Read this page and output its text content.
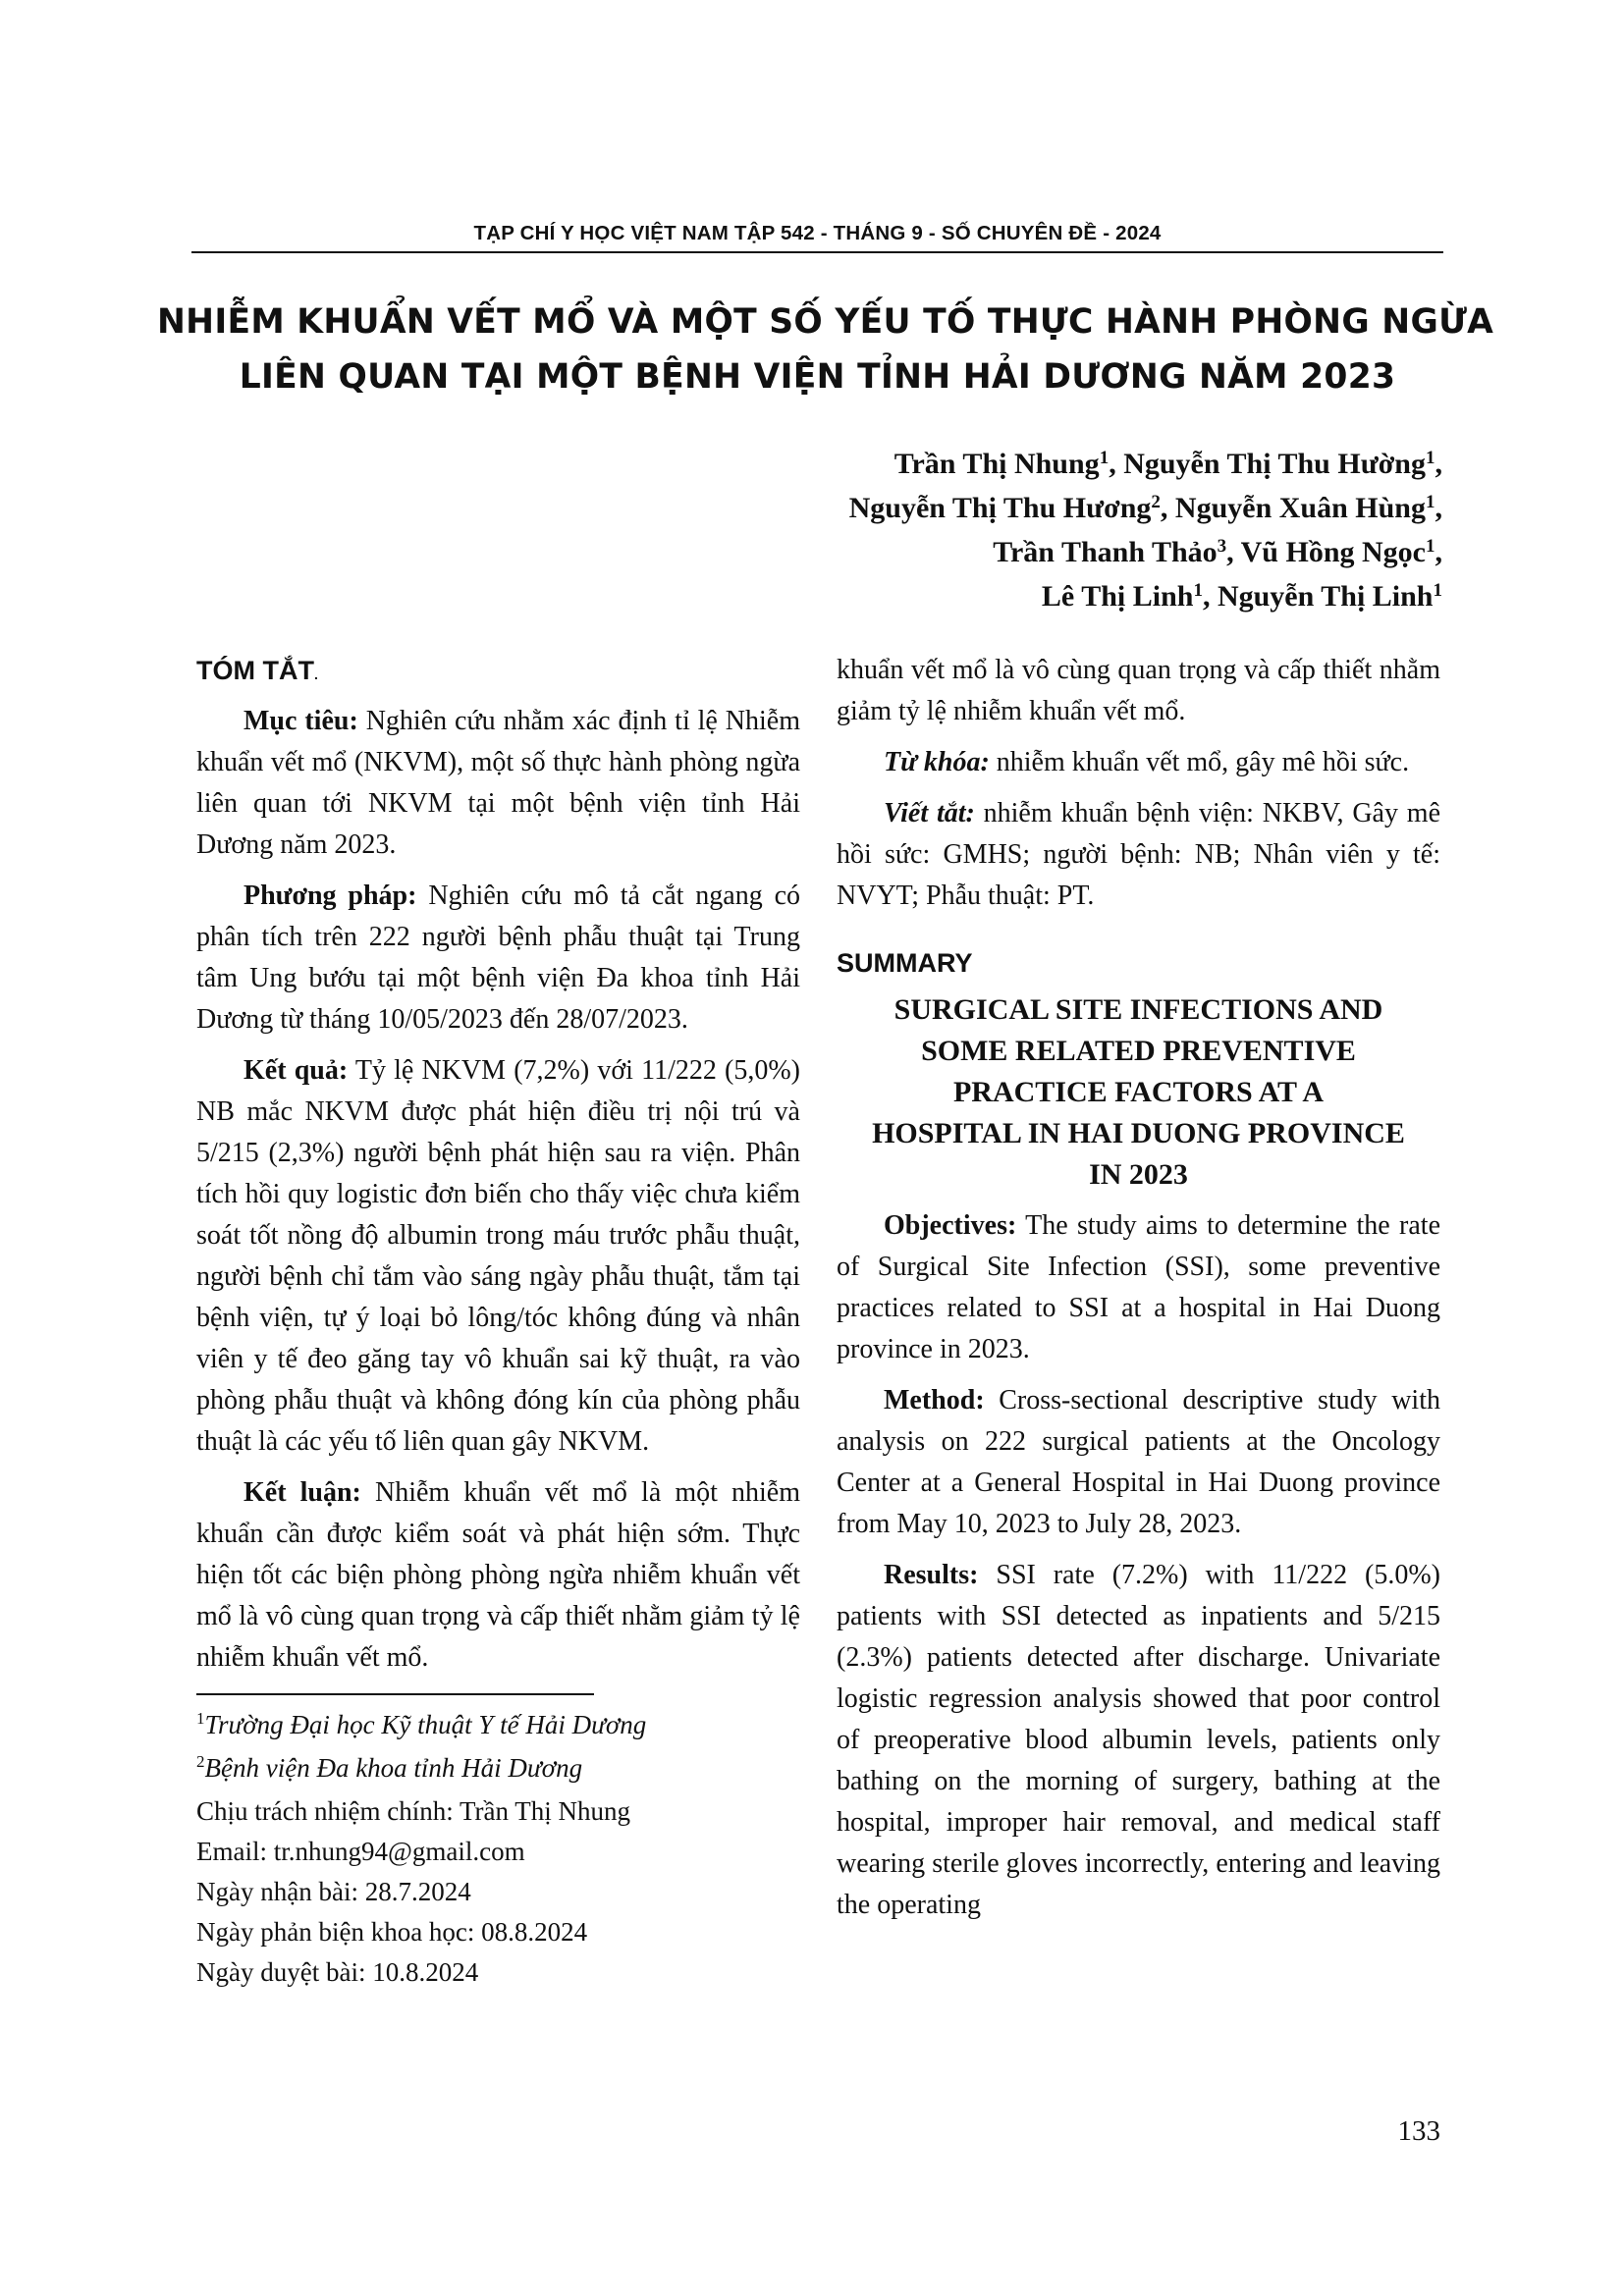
TẠP CHÍ Y HỌC VIỆT NAM TẬP 542 - THÁNG 9 - SỐ CHUYÊN ĐỀ - 2024
NHIỄM KHUẨN VẾT MỔ VÀ MỘT SỐ YẾU TỐ THỰC HÀNH PHÒNG NGỪA
LIÊN QUAN TẠI MỘT BỆNH VIỆN TỈNH HẢI DƯƠNG NĂM 2023
Trần Thị Nhung$^1$, Nguyễn Thị Thu Hường$^1$,
Nguyễn Thị Thu Hương$^2$, Nguyễn Xuân Hùng$^1$,
Trần Thanh Thảo$^3$, Vũ Hồng Ngọc$^1$,
Lê Thị Linh$^1$, Nguyễn Thị Linh$^1$
TÓM TẮT.

Mục tiêu: Nghiên cứu nhằm xác định tỉ lệ Nhiễm khuẩn vết mổ (NKVM), một số thực hành phòng ngừa liên quan tới NKVM tại một bệnh viện tỉnh Hải Dương năm 2023.

Phương pháp: Nghiên cứu mô tả cắt ngang có phân tích trên 222 người bệnh phẫu thuật tại Trung tâm Ung bướu tại một bệnh viện Đa khoa tỉnh Hải Dương từ tháng 10/05/2023 đến 28/07/2023.

Kết quả: Tỷ lệ NKVM (7,2%) với 11/222 (5,0%) NB mắc NKVM được phát hiện điều trị nội trú và 5/215 (2,3%) người bệnh phát hiện sau ra viện. Phân tích hồi quy logistic đơn biến cho thấy việc chưa kiểm soát tốt nồng độ albumin trong máu trước phẫu thuật, người bệnh chỉ tắm vào sáng ngày phẫu thuật, tắm tại bệnh viện, tự ý loại bỏ lông/tóc không đúng và nhân viên y tế đeo găng tay vô khuẩn sai kỹ thuật, ra vào phòng phẫu thuật và không đóng kín của phòng phẫu thuật là các yếu tố liên quan gây NKVM.

Kết luận: Nhiễm khuẩn vết mổ là một nhiễm khuẩn cần được kiểm soát và phát hiện sớm. Thực hiện tốt các biện phòng phòng ngừa nhiễm khuẩn vết mổ là vô cùng quan trọng và cấp thiết nhằm giảm tỷ lệ nhiễm khuẩn vết mổ.

khuẩn vết mổ là vô cùng quan trọng và cấp thiết nhằm giảm tỷ lệ nhiễm khuẩn vết mổ.

Từ khóa: nhiễm khuẩn vết mổ, gây mê hồi sức.

Viết tắt: nhiễm khuẩn bệnh viện: NKBV, Gây mê hồi sức: GMHS; người bệnh: NB; Nhân viên y tế: NVYT; Phẫu thuật: PT.

SUMMARY
SURGICAL SITE INFECTIONS AND
SOME RELATED PREVENTIVE
PRACTICE FACTORS AT A
HOSPITAL IN HAI DUONG PROVINCE
IN 2023

Objectives: The study aims to determine the rate of Surgical Site Infection (SSI), some preventive practices related to SSI at a hospital in Hai Duong province in 2023.

Method: Cross-sectional descriptive study with analysis on 222 surgical patients at the Oncology Center at a General Hospital in Hai Duong province from May 10, 2023 to July 28, 2023.

Results: SSI rate (7.2%) with 11/222 (5.0%) patients with SSI detected as inpatients and 5/215 (2.3%) patients detected after discharge. Univariate logistic regression analysis showed that poor control of preoperative blood albumin levels, patients only bathing on the morning of surgery, bathing at the hospital, improper hair removal, and medical staff wearing sterile gloves incorrectly, entering and leaving the operating

$^1$Trường Đại học Kỹ thuật Y tế Hải Dương
$^2$Bệnh viện Đa khoa tỉnh Hải Dương
Chịu trách nhiệm chính: Trần Thị Nhung
Email: tr.nhung94@gmail.com
Ngày nhận bài: 28.7.2024
Ngày phản biện khoa học: 08.8.2024
Ngày duyệt bài: 10.8.2024
133
